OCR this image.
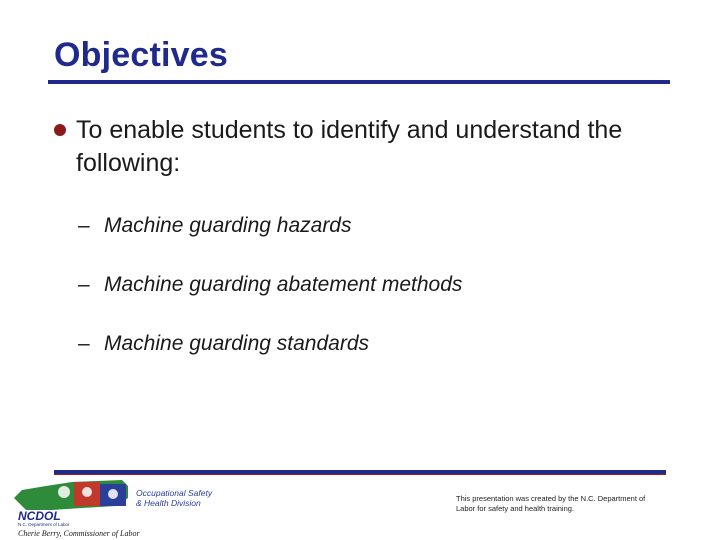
Objectives
To enable students to identify and understand the
following:
– Machine guarding hazards
– Machine guarding abatement methods
– Machine guarding standards
NCDOL
N.C. Department of Labor
Occupational Safety
& Health Division
Cherie Berry, Commissioner of Labor
This presentation was created by the N.C. Department of
Labor for safety and health training.
